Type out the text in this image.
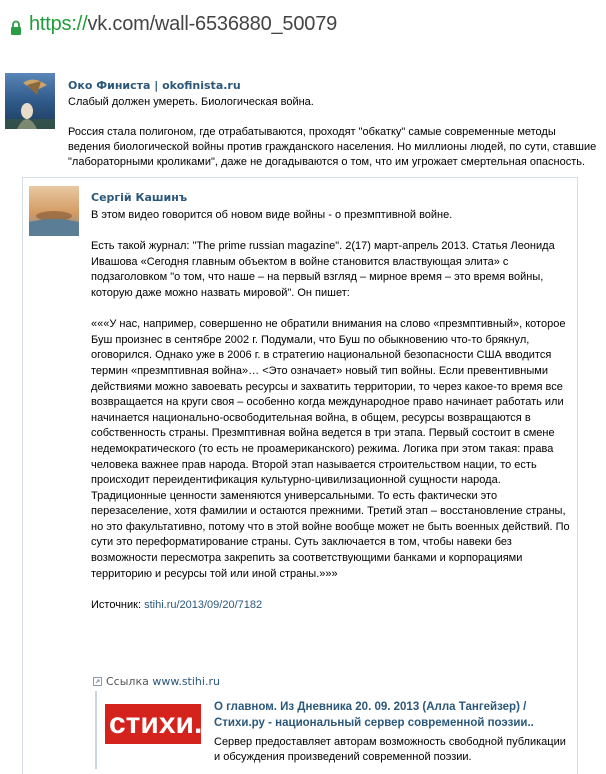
https://vk.com/wall-6536880_50079
Око Финиста | okofinista.ru

Слабый должен умереть. Биологическая война.

Россия стала полигоном, где отрабатываются, проходят "обкатку" самые современные методы ведения биологической войны против гражданского населения. Но миллионы людей, по сути, ставшие "лабораторными кроликами", даже не догадываются о том, что им угрожает смертельная опасность.

Сергій Кашинъ

В этом видео говорится об новом виде войны - о презмптивной войне.

Есть такой журнал: "The prime russian magazine". 2(17) март-апрель 2013. Статья Леонида Ивашова «Сегодня главным объектом в войне становится властвующая элита» с подзаголовком "о том, что наше – на первый взгляд – мирное время – это время войны, которую даже можно назвать мировой". Он пишет:

«««У нас, например, совершенно не обратили внимания на слово «презмптивный», которое Буш произнес в сентябре 2002 г. Подумали, что Буш по обыкновению что-то брякнул, оговорился. Однако уже в 2006 г. в стратегию национальной безопасности США вводится термин «презмптивная война»… <Это означает» новый тип войны. Если превентивными действиями можно завоевать ресурсы и захватить территории, то через какое-то время все возвращается на круги своя – особенно когда международное право начинает работать или начинается национально-освободительная война, в общем, ресурсы возвращаются в собственность страны. Презмптивная война ведется в три этапа. Первый состоит в смене недемократического (то есть не проамериканского) режима. Логика при этом такая: права человека важнее прав народа. Второй этап называется строительством нации, то есть происходит переидентификация культурно-цивилизационной сущности народа. Традиционные ценности заменяются универсальными. То есть фактически это перезаселение, хотя фамилии и остаются прежними. Третий этап – восстановление страны, но это факультативно, потому что в этой войне вообще может не быть военных действий. По сути это переформатирование страны. Суть заключается в том, чтобы навеки без возможности пересмотра закрепить за соответствующими банками и корпорациями территорию и ресурсы той или иной страны.»»»

Источник: stihi.ru/2013/09/20/7182

Ссылка www.stihi.ru
стихи.р
О главном. Из Дневника 20. 09. 2013 (Алла Тангейзер) / Стихи.ру - национальный сервер современной поэзии..
Сервер предоставляет авторам возможность свободной публикации и обсуждения произведений современной поэзии.
